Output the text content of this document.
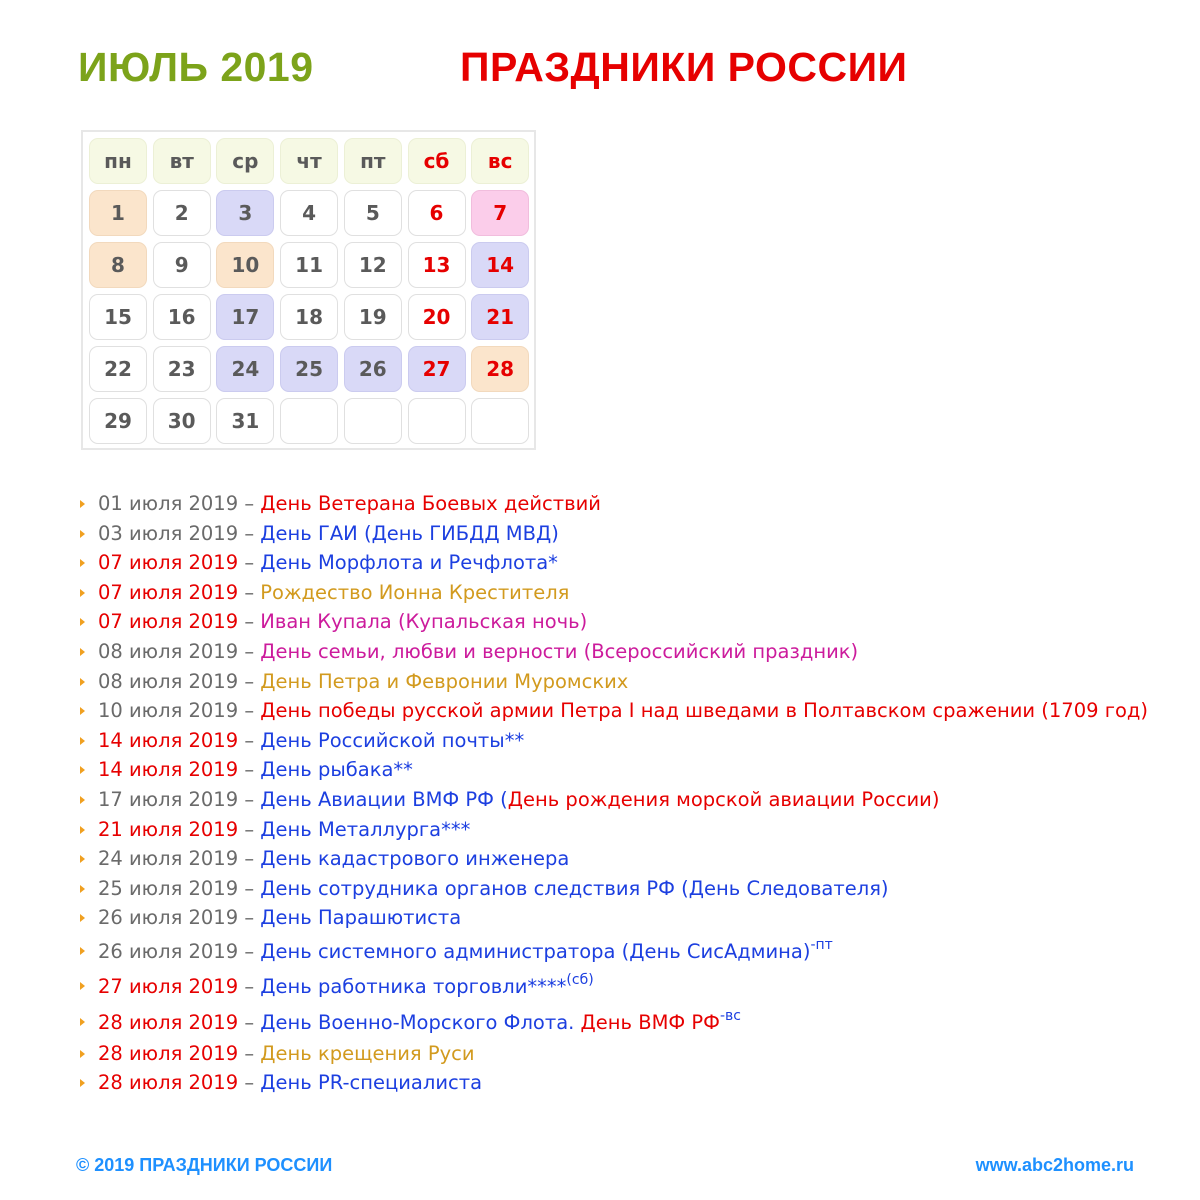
ИЮЛЬ 2019	ПРАЗДНИКИ РОССИИ
пн	вт	ср	чт	пт	сб	вс
1	2	3	4	5	6	7
8	9	10	11	12	13	14
15	16	17	18	19	20	21
22	23	24	25	26	27	28
29	30	31
01 июля 2019 – День Ветерана Боевых действий
03 июля 2019 – День ГАИ (День ГИБДД МВД)
07 июля 2019 – День Морфлота и Речфлота*
07 июля 2019 – Рождество Ионна Крестителя
07 июля 2019 – Иван Купала (Купальская ночь)
08 июля 2019 – День семьи, любви и верности (Всероссийский праздник)
08 июля 2019 – День Петра и Февронии Муромских
10 июля 2019 – День победы русской армии Петра I над шведами в Полтавском сражении (1709 год)
14 июля 2019 – День Российской почты**
14 июля 2019 – День рыбака**
17 июля 2019 – День Авиации ВМФ РФ (День рождения морской авиации России)
21 июля 2019 – День Металлурга***
24 июля 2019 – День кадастрового инженера
25 июля 2019 – День сотрудника органов следствия РФ (День Следователя)
26 июля 2019 – День Парашютиста
26 июля 2019 – День системного администратора (День СисАдмина)$^{-пт}$
27 июля 2019 – День работника торговли****$^{(сб)}$
28 июля 2019 – День Военно-Морского Флота. День ВМФ $РФ^{-вс}$
28 июля 2019 – День крещения Руси
28 июля 2019 – День PR-специалиста
© 2019 ПРАЗДНИКИ РОССИИ	www.abc2home.ru
